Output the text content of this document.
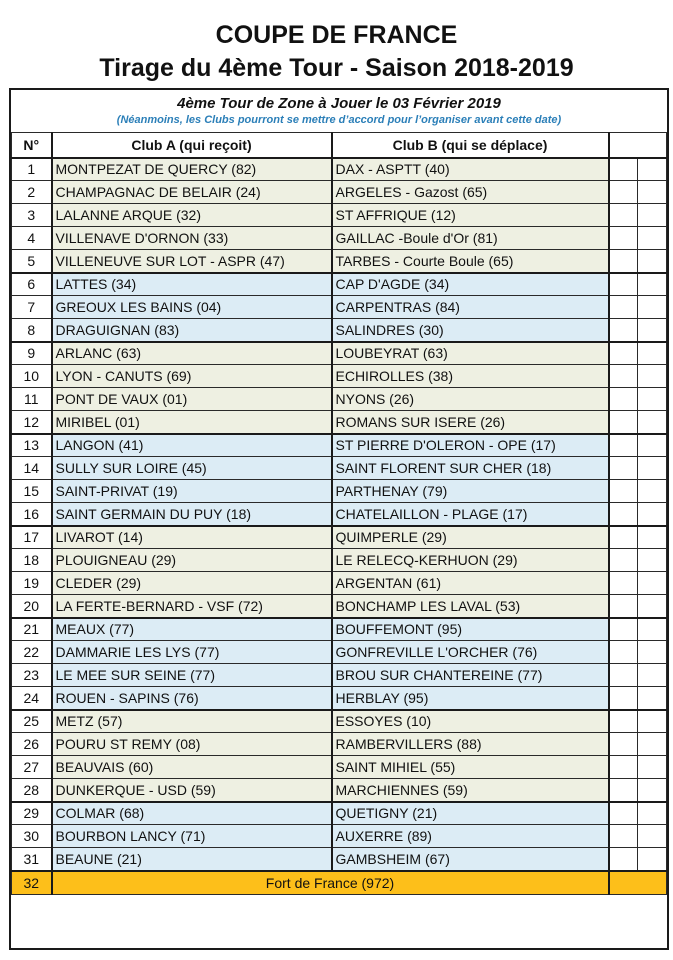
COUPE DE FRANCE
Tirage du 4ème Tour - Saison 2018-2019
4ème Tour de Zone à Jouer le 03 Février 2019
(Néanmoins, les Clubs pourront se mettre d’accord pour l’organiser avant cette date)
N°	Club A (qui reçoit)	Club B (qui se déplace)		
1	MONTPEZAT DE QUERCY (82)	DAX - ASPTT (40)		
2	CHAMPAGNAC DE BELAIR (24)	ARGELES - Gazost (65)		
3	LALANNE ARQUE (32)	ST AFFRIQUE (12)		
4	VILLENAVE D'ORNON (33)	GAILLAC -Boule d'Or (81)		
5	VILLENEUVE SUR LOT - ASPR (47)	TARBES - Courte Boule (65)		
6	LATTES (34)	CAP D'AGDE (34)		
7	GREOUX LES BAINS (04)	CARPENTRAS (84)		
8	DRAGUIGNAN (83)	SALINDRES (30)		
9	ARLANC (63)	LOUBEYRAT (63)		
10	LYON - CANUTS (69)	ECHIROLLES (38)		
11	PONT DE VAUX (01)	NYONS (26)		
12	MIRIBEL (01)	ROMANS SUR ISERE (26)		
13	LANGON (41)	ST PIERRE D'OLERON - OPE (17)		
14	SULLY SUR LOIRE (45)	SAINT FLORENT SUR CHER (18)		
15	SAINT-PRIVAT (19)	PARTHENAY (79)		
16	SAINT GERMAIN DU PUY (18)	CHATELAILLON - PLAGE (17)		
17	LIVAROT (14)	QUIMPERLE (29)		
18	PLOUIGNEAU (29)	LE RELECQ-KERHUON (29)		
19	CLEDER (29)	ARGENTAN (61)		
20	LA FERTE-BERNARD - VSF (72)	BONCHAMP LES LAVAL (53)		
21	MEAUX (77)	BOUFFEMONT (95)		
22	DAMMARIE LES LYS (77)	GONFREVILLE L'ORCHER (76)		
23	LE MEE SUR SEINE (77)	BROU SUR CHANTEREINE (77)		
24	ROUEN - SAPINS (76)	HERBLAY (95)		
25	METZ (57)	ESSOYES (10)		
26	POURU ST REMY (08)	RAMBERVILLERS (88)		
27	BEAUVAIS (60)	SAINT MIHIEL (55)		
28	DUNKERQUE - USD (59)	MARCHIENNES (59)		
29	COLMAR (68)	QUETIGNY (21)		
30	BOURBON LANCY (71)	AUXERRE (89)		
31	BEAUNE (21)	GAMBSHEIM (67)		
32	Fort de France (972)			
